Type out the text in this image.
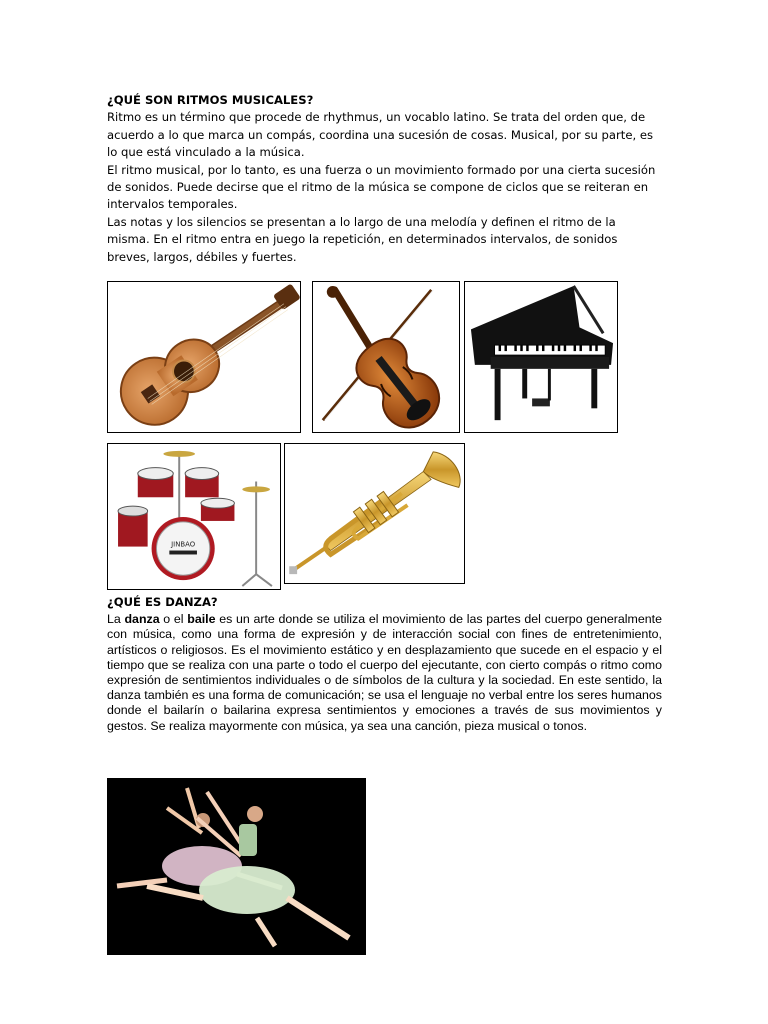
¿QUÉ SON RITMOS MUSICALES?

Ritmo es un término que procede de rhythmus, un vocablo latino. Se trata del orden que, de acuerdo a lo que marca un compás, coordina una sucesión de cosas. Musical, por su parte, es lo que está vinculado a la música.

El ritmo musical, por lo tanto, es una fuerza o un movimiento formado por una cierta sucesión de sonidos. Puede decirse que el ritmo de la música se compone de ciclos que se reiteran en intervalos temporales.

Las notas y los silencios se presentan a lo largo de una melodía y definen el ritmo de la misma. En el ritmo entra en juego la repetición, en determinados intervalos, de sonidos breves, largos, débiles y fuertes.

JINBAO
¿QUÉ ES DANZA?

La danza o el baile es un arte donde se utiliza el movimiento de las partes del cuerpo generalmente con música, como una forma de expresión y de interacción social con fines de entretenimiento, artísticos o religiosos. Es el movimiento estático y en desplazamiento que sucede en el espacio y el tiempo que se realiza con una parte o todo el cuerpo del ejecutante, con cierto compás o ritmo como expresión de sentimientos individuales o de símbolos de la cultura y la sociedad. En este sentido, la danza también es una forma de comunicación; se usa el lenguaje no verbal entre los seres humanos donde el bailarín o bailarina expresa sentimientos y emociones a través de sus movimientos y gestos. Se realiza mayormente con música, ya sea una canción, pieza musical o tonos.
